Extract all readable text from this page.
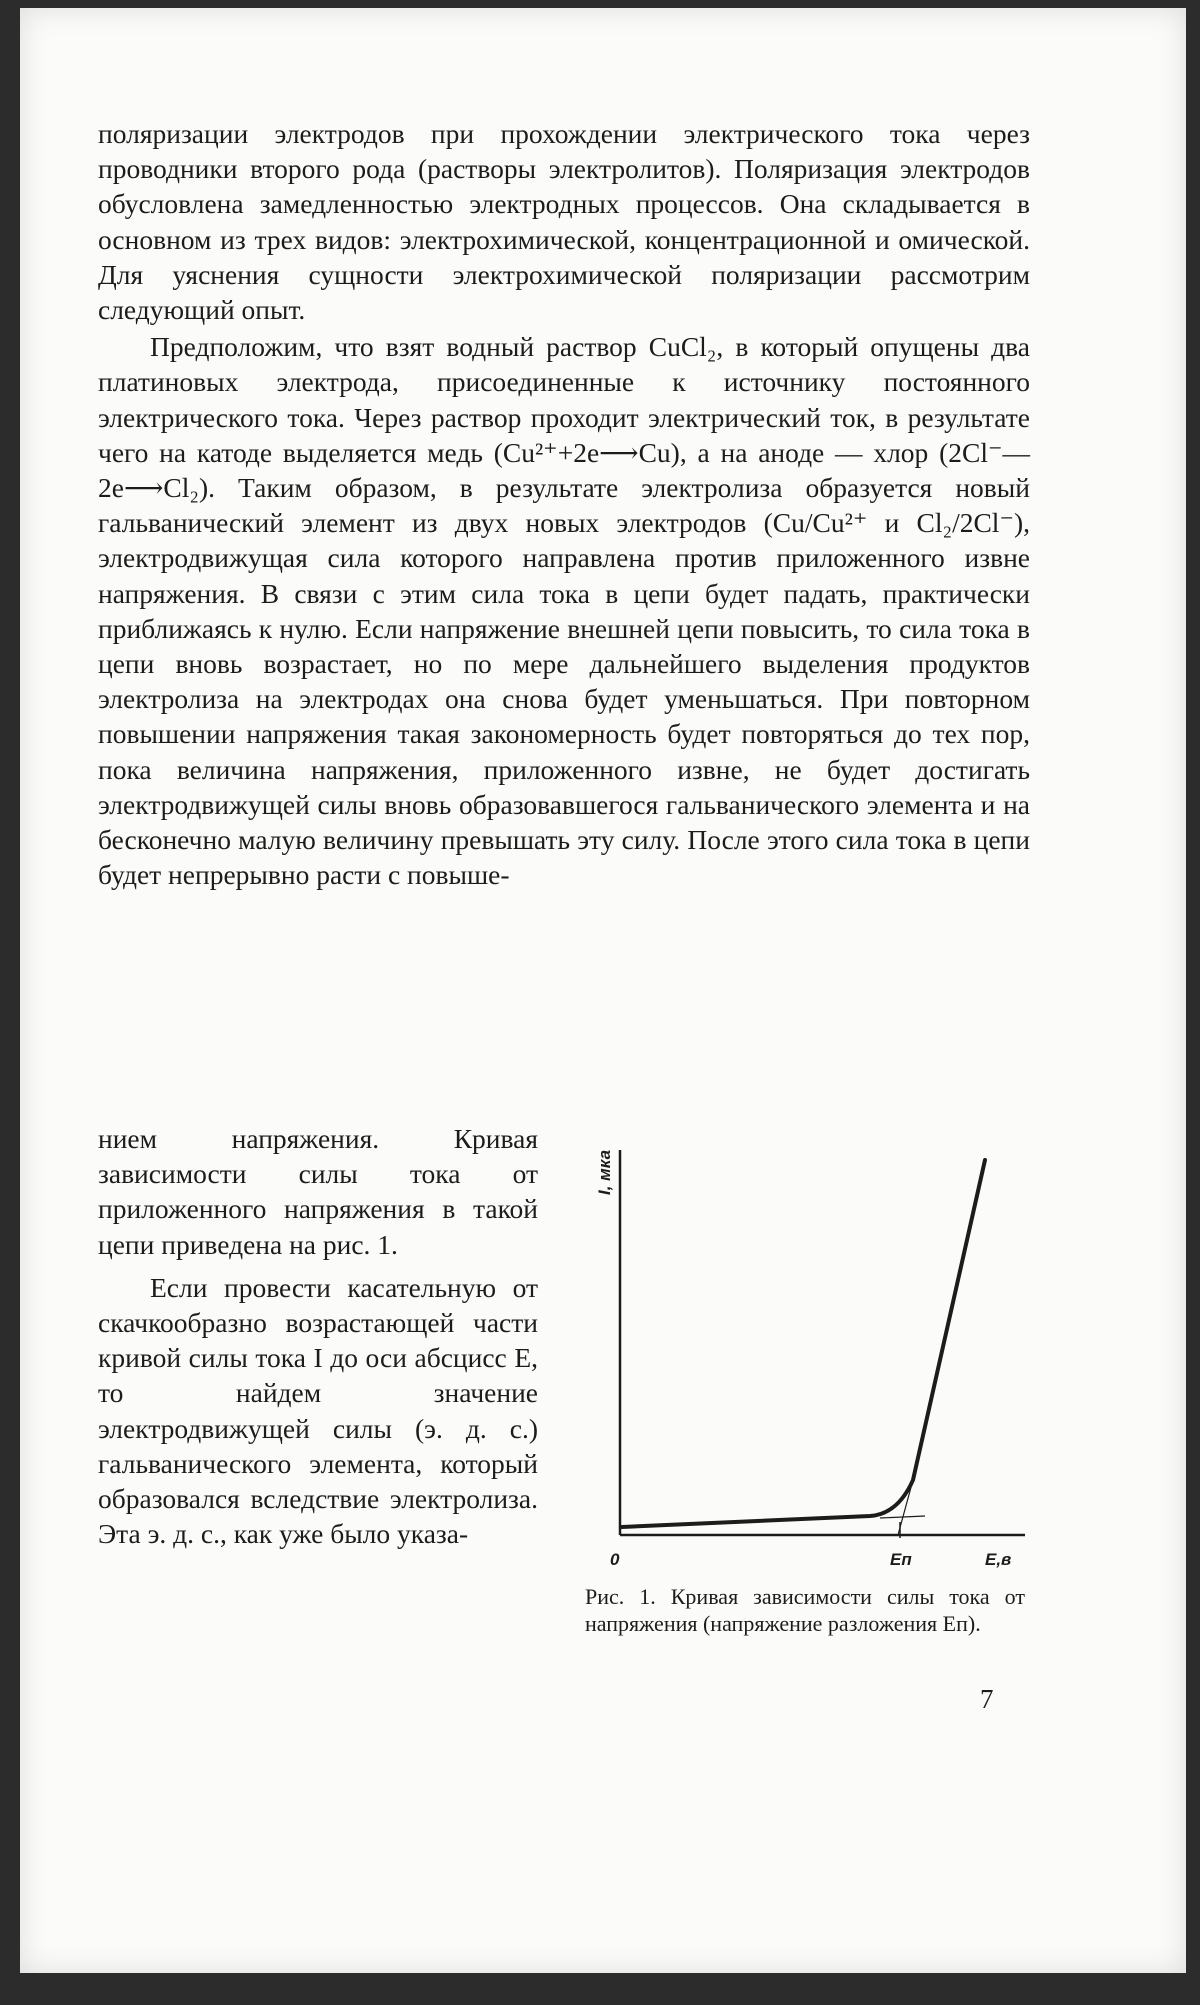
поляризации электродов при прохождении электрического тока через проводники второго рода (растворы электролитов). Поляризация электродов обусловлена замедленностью электродных процессов. Она складывается в основном из трех видов: электрохимической, концентрационной и омической. Для уяснения сущности электрохимической поляризации рассмотрим следующий опыт.

Предположим, что взят водный раствор CuCl₂, в который опущены два платиновых электрода, присоединенные к источнику постоянного электрического тока. Через раствор проходит электрический ток, в результате чего на катоде выделяется медь (Cu²⁺+2e⟶Cu), а на аноде — хлор (2Cl⁻—2e⟶Cl₂). Таким образом, в результате электролиза образуется новый гальванический элемент из двух новых электродов (Cu/Cu²⁺ и Cl₂/2Cl⁻), электродвижущая сила которого направлена против приложенного извне напряжения. В связи с этим сила тока в цепи будет падать, практически приближаясь к нулю. Если напряжение внешней цепи повысить, то сила тока в цепи вновь возрастает, но по мере дальнейшего выделения продуктов электролиза на электродах она снова будет уменьшаться. При повторном повышении напряжения такая закономерность будет повторяться до тех пор, пока величина напряжения, приложенного извне, не будет достигать электродвижущей силы вновь образовавшегося гальванического элемента и на бесконечно малую величину превышать эту силу. После этого сила тока в цепи будет непрерывно расти с повыше-

нием напряжения. Кривая зависимости силы тока от приложенного напряжения в такой цепи приведена на рис. 1.

Если провести касательную от скачкообразно возрастающей части кривой силы тока I до оси абсцисс E, то найдем значение электродвижущей силы (э. д. с.) гальванического элемента, который образовался вследствие электролиза. Эта э. д. с., как уже было указа-

I, мка
0	Eп	E,в
Рис. 1. Кривая зависимости силы тока от напряжения (напряжение разложения Eп).
7
